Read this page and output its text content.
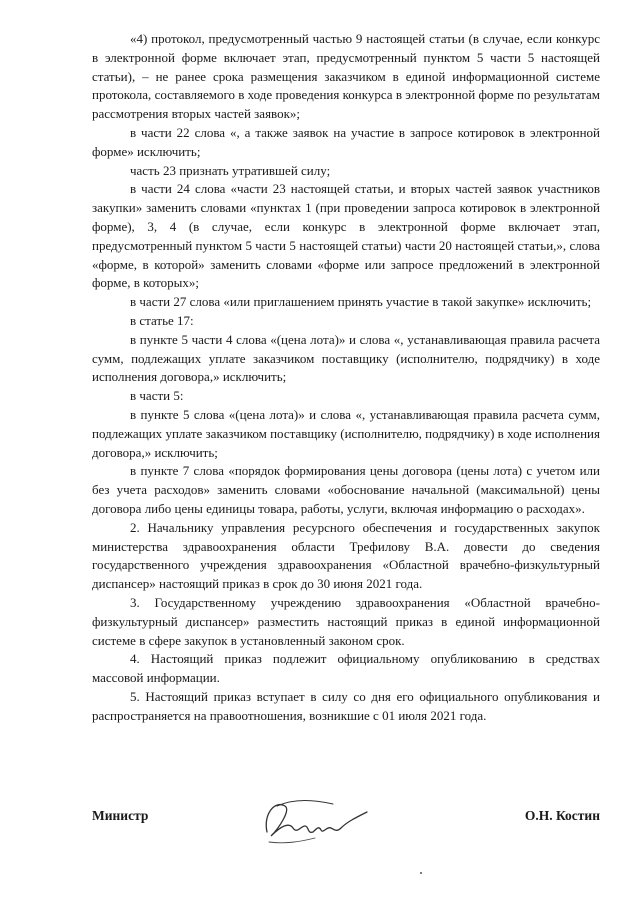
«4) протокол, предусмотренный частью 9 настоящей статьи (в случае, если конкурс в электронной форме включает этап, предусмотренный пунктом 5 части 5 настоящей статьи), – не ранее срока размещения заказчиком в единой информационной системе протокола, составляемого в ходе проведения конкурса в электронной форме по результатам рассмотрения вторых частей заявок»;

в части 22 слова «, а также заявок на участие в запросе котировок в электронной форме» исключить;

часть 23 признать утратившей силу;

в части 24 слова «части 23 настоящей статьи, и вторых частей заявок участников закупки» заменить словами «пунктах 1 (при проведении запроса котировок в электронной форме), 3, 4 (в случае, если конкурс в электронной форме включает этап, предусмотренный пунктом 5 части 5 настоящей статьи) части 20 настоящей статьи,», слова «форме, в которой» заменить словами «форме или запросе предложений в электронной форме, в которых»;

в части 27 слова «или приглашением принять участие в такой закупке» исключить;

в статье 17:

в пункте 5 части 4 слова «(цена лота)» и слова «, устанавливающая правила расчета сумм, подлежащих уплате заказчиком поставщику (исполнителю, подрядчику) в ходе исполнения договора,» исключить;

в части 5:

в пункте 5 слова «(цена лота)» и слова «, устанавливающая правила расчета сумм, подлежащих уплате заказчиком поставщику (исполнителю, подрядчику) в ходе исполнения договора,» исключить;

в пункте 7 слова «порядок формирования цены договора (цены лота) с учетом или без учета расходов» заменить словами «обоснование начальной (максимальной) цены договора либо цены единицы товара, работы, услуги, включая информацию о расходах».

2. Начальнику управления ресурсного обеспечения и государственных закупок министерства здравоохранения области Трефилову В.А. довести до сведения государственного учреждения здравоохранения «Областной врачебно-физкультурный диспансер» настоящий приказ в срок до 30 июня 2021 года.

3. Государственному учреждению здравоохранения «Областной врачебно-физкультурный диспансер» разместить настоящий приказ в единой информационной системе в сфере закупок в установленный законом срок.

4. Настоящий приказ подлежит официальному опубликованию в средствах массовой информации.

5. Настоящий приказ вступает в силу со дня его официального опубликования и распространяется на правоотношения, возникшие с 01 июля 2021 года.

Министр	О.Н. Костин
